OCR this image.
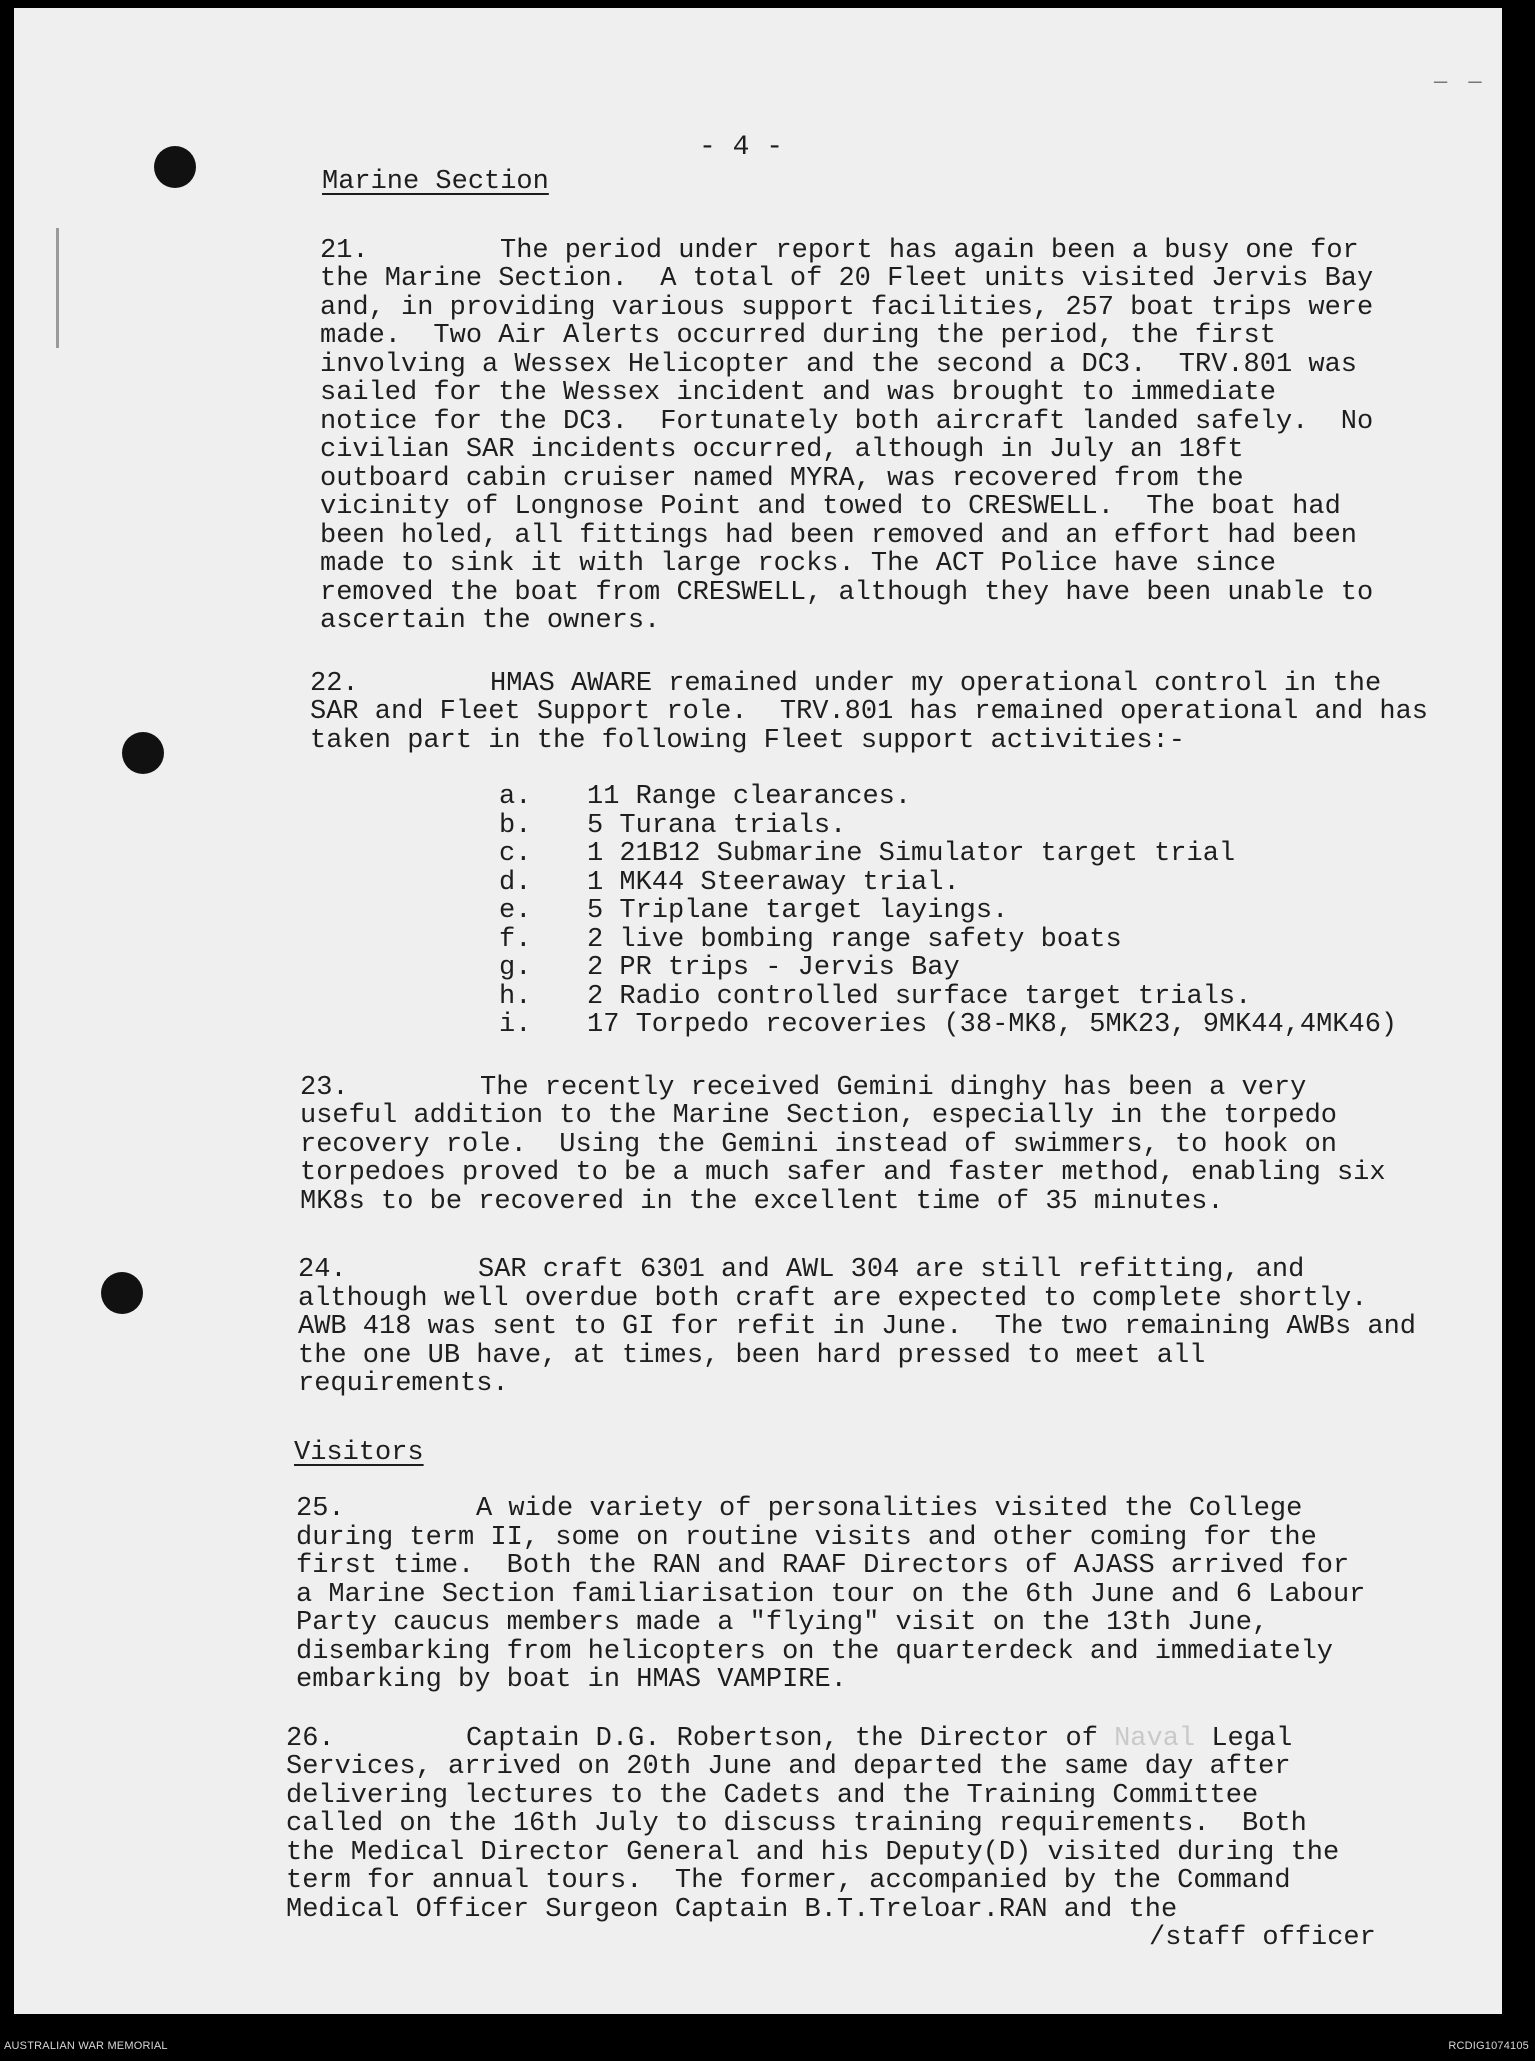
— —
- 4 -

Marine Section

21.	The period under report has again been a busy one for the Marine Section.  A total of 20 Fleet units visited Jervis Bay and, in providing various support facilities, 257 boat trips were made.  Two Air Alerts occurred during the period, the first involving a Wessex Helicopter and the second a DC3.  TRV.801 was sailed for the Wessex incident and was brought to immediate notice for the DC3.  Fortunately both aircraft landed safely.  No civilian SAR incidents occurred, although in July an 18ft outboard cabin cruiser named MYRA, was recovered from the vicinity of Longnose Point and towed to CRESWELL.  The boat had been holed, all fittings had been removed and an effort had been made to sink it with large rocks. The ACT Police have since removed the boat from CRESWELL, although they have been unable to ascertain the owners.

22.	HMAS AWARE remained under my operational control in the SAR and Fleet Support role.  TRV.801 has remained operational and has taken part in the following Fleet support activities:-

a. 11 Range clearances.
b. 5 Turana trials.
c. 1 21B12 Submarine Simulator target trial
d. 1 MK44 Steeraway trial.
e. 5 Triplane target layings.
f. 2 live bombing range safety boats
g. 2 PR trips - Jervis Bay
h. 2 Radio controlled surface target trials.
i. 17 Torpedo recoveries (38-MK8, 5MK23, 9MK44,4MK46)

23.	The recently received Gemini dinghy has been a very useful addition to the Marine Section, especially in the torpedo recovery role.  Using the Gemini instead of swimmers, to hook on torpedoes proved to be a much safer and faster method, enabling six MK8s to be recovered in the excellent time of 35 minutes.

24.	SAR craft 6301 and AWL 304 are still refitting, and although well overdue both craft are expected to complete shortly. AWB 418 was sent to GI for refit in June.  The two remaining AWBs and the one UB have, at times, been hard pressed to meet all requirements.

Visitors

25.	A wide variety of personalities visited the College during term II, some on routine visits and other coming for the first time.  Both the RAN and RAAF Directors of AJASS arrived for a Marine Section familiarisation tour on the 6th June and 6 Labour Party caucus members made a "flying" visit on the 13th June, disembarking from helicopters on the quarterdeck and immediately embarking by boat in HMAS VAMPIRE.

26.	Captain D.G. Robertson, the Director of Naval Legal Services, arrived on 20th June and departed the same day after delivering lectures to the Cadets and the Training Committee called on the 16th July to discuss training requirements.  Both the Medical Director General and his Deputy(D) visited during the term for annual tours.  The former, accompanied by the Command Medical Officer Surgeon Captain B.T.Treloar.RAN and the

/staff officer

AUSTRALIAN WAR MEMORIAL	RCDIG1074105
